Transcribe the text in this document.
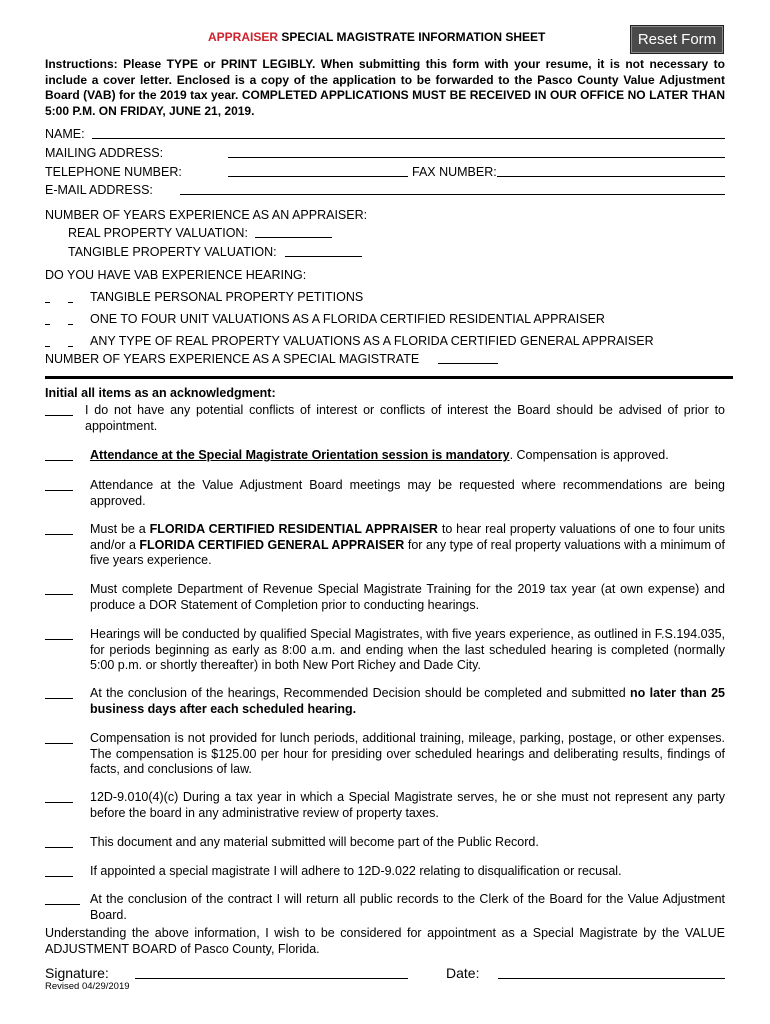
APPRAISER SPECIAL MAGISTRATE INFORMATION SHEET	Reset Form
Instructions: Please TYPE or PRINT LEGIBLY. When submitting this form with your resume, it is not necessary to include a cover letter. Enclosed is a copy of the application to be forwarded to the Pasco County Value Adjustment Board (VAB) for the 2019 tax year. COMPLETED APPLICATIONS MUST BE RECEIVED IN OUR OFFICE NO LATER THAN 5:00 P.M. ON FRIDAY, JUNE 21, 2019.
NAME:
MAILING ADDRESS:
TELEPHONE NUMBER:	FAX NUMBER:
E-MAIL ADDRESS:
NUMBER OF YEARS EXPERIENCE AS AN APPRAISER:
REAL PROPERTY VALUATION:
TANGIBLE PROPERTY VALUATION:
DO YOU HAVE VAB EXPERIENCE HEARING:
TANGIBLE PERSONAL PROPERTY PETITIONS
ONE TO FOUR UNIT VALUATIONS AS A FLORIDA CERTIFIED RESIDENTIAL APPRAISER
ANY TYPE OF REAL PROPERTY VALUATIONS AS A FLORIDA CERTIFIED GENERAL APPRAISER
NUMBER OF YEARS EXPERIENCE AS A SPECIAL MAGISTRATE
Initial all items as an acknowledgment:
I do not have any potential conflicts of interest or conflicts of interest the Board should be advised of prior to appointment.
Attendance at the Special Magistrate Orientation session is mandatory. Compensation is approved.
Attendance at the Value Adjustment Board meetings may be requested where recommendations are being approved.
Must be a FLORIDA CERTIFIED RESIDENTIAL APPRAISER to hear real property valuations of one to four units and/or a FLORIDA CERTIFIED GENERAL APPRAISER for any type of real property valuations with a minimum of five years experience.
Must complete Department of Revenue Special Magistrate Training for the 2019 tax year (at own expense) and produce a DOR Statement of Completion prior to conducting hearings.
Hearings will be conducted by qualified Special Magistrates, with five years experience, as outlined in F.S.194.035, for periods beginning as early as 8:00 a.m. and ending when the last scheduled hearing is completed (normally 5:00 p.m. or shortly thereafter) in both New Port Richey and Dade City.
At the conclusion of the hearings, Recommended Decision should be completed and submitted no later than 25 business days after each scheduled hearing.
Compensation is not provided for lunch periods, additional training, mileage, parking, postage, or other expenses. The compensation is $125.00 per hour for presiding over scheduled hearings and deliberating results, findings of facts, and conclusions of law.
12D-9.010(4)(c) During a tax year in which a Special Magistrate serves, he or she must not represent any party before the board in any administrative review of property taxes.
This document and any material submitted will become part of the Public Record.
If appointed a special magistrate I will adhere to 12D-9.022 relating to disqualification or recusal.
At the conclusion of the contract I will return all public records to the Clerk of the Board for the Value Adjustment Board.
Understanding the above information, I wish to be considered for appointment as a Special Magistrate by the VALUE ADJUSTMENT BOARD of Pasco County, Florida.
Signature:	Date:
Revised 04/29/2019
